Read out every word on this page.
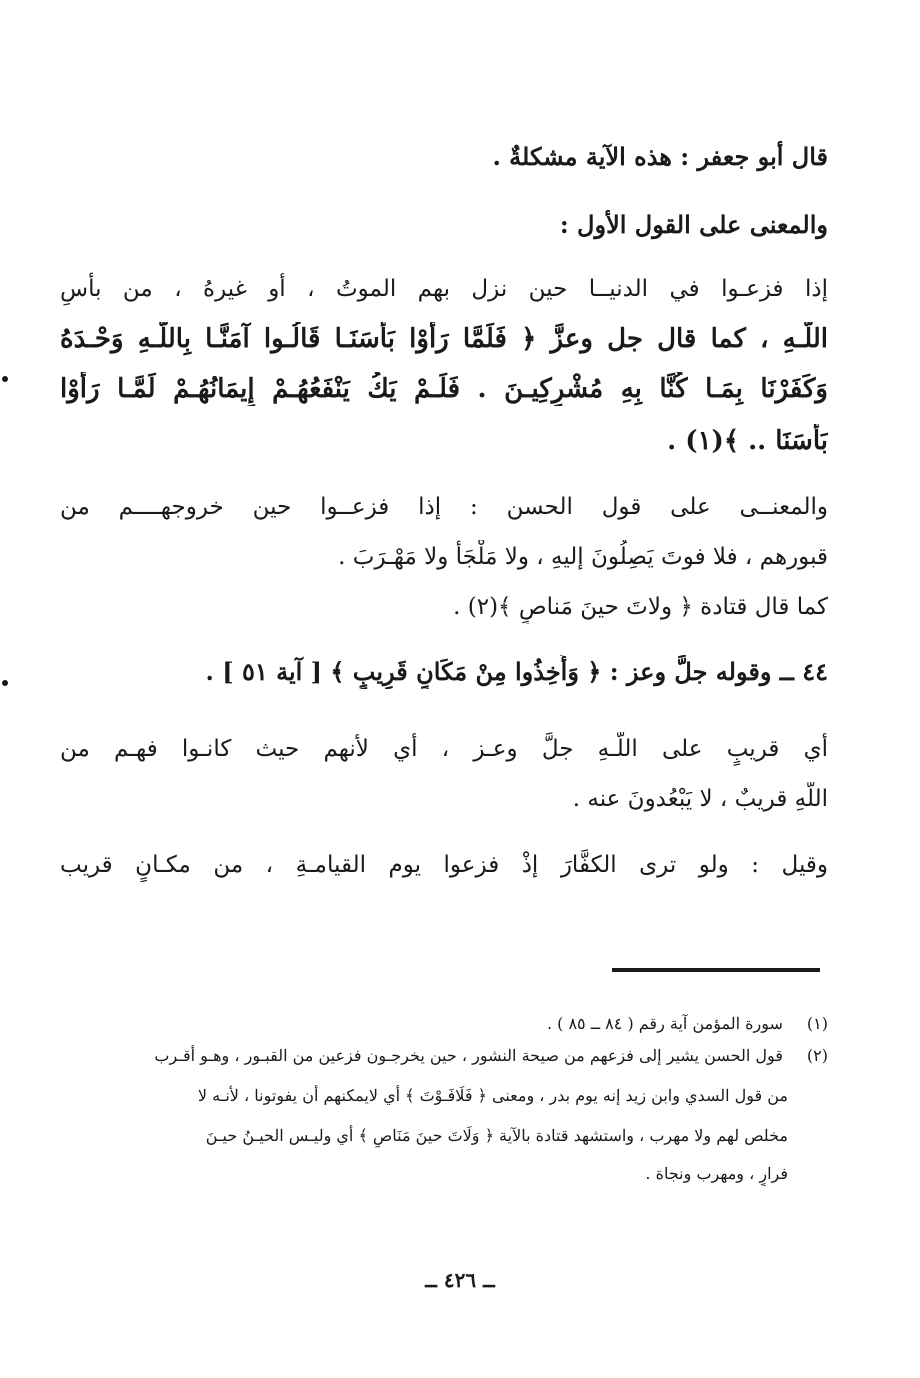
قال أبو جعفر : هذه الآية مشكلةٌ .
والمعنى على القول الأول :
إذا فزعـوا في الدنيــا حين نزل بهم الموتُ ، أو غيرهُ ، من بأسِ
اللّـهِ ، كما قال جل وعزَّ ﴿ فَلَمَّا رَأَوْا بَأْسَنَـا قَالُـوا آمَنَّـا بِاللَّـهِ وَحْـدَهُ
وَكَفَرْنَا بِمَـا كُنَّا بِهِ مُشْرِكِيـنَ . فَلَـمْ يَكُ يَنْفَعُهُـمْ إِيمَانُهُـمْ لَمَّـا رَأَوْا
بَأْسَنَا .. ﴾(١) .
والمعنــى على قول الحسن : إذا فزعــوا حين خروجهــــم من
قبورهم ، فلا فوتَ يَصِلُونَ إليهِ ، ولا مَلْجَأً ولا مَهْـرَبَ .
كما قال قتادة ﴿ ولاتَ حينَ مَناصٍ ﴾(٢) .
٤٤ ــ وقوله جلَّ وعز : ﴿ وَأُخِذُوا مِنْ مَكَانٍ قَرِيبٍ ﴾ [ آية ٥١ ] .
أي قريبٍ على اللّـهِ جلَّ وعـز ، أي لأنهم حيث كانـوا فهـم من
اللّهِ قريبٌ ، لا يَبْعُدونَ عنه .
وقيل : ولو ترى الكفَّارَ إذْ فزعوا يوم القيامـةِ ، من مكـانٍ قريب
(١) سورة المؤمن آية رقم ( ٨٤ ــ ٨٥ ) .
(٢) قول الحسن يشير إلى فزعهم من صيحة النشور ، حين يخرجـون فزعين من القبـور ، وهـو أقـرب
من قول السدي وابن زيد إنه يوم بدر ، ومعنى ﴿ فَلَافَـوْتَ ﴾ أي لايمكنهم أن يفوتونا ، لأنـه لا
مخلص لهم ولا مهرب ، واستشهد قتادة بالآية ﴿ وَلَاتَ حينَ مَنَاصٍ ﴾ أي وليـس الحيـنُ حيـنَ
فرارٍ ، ومهرب ونجاة .
ــ ٤٢٦ ــ
